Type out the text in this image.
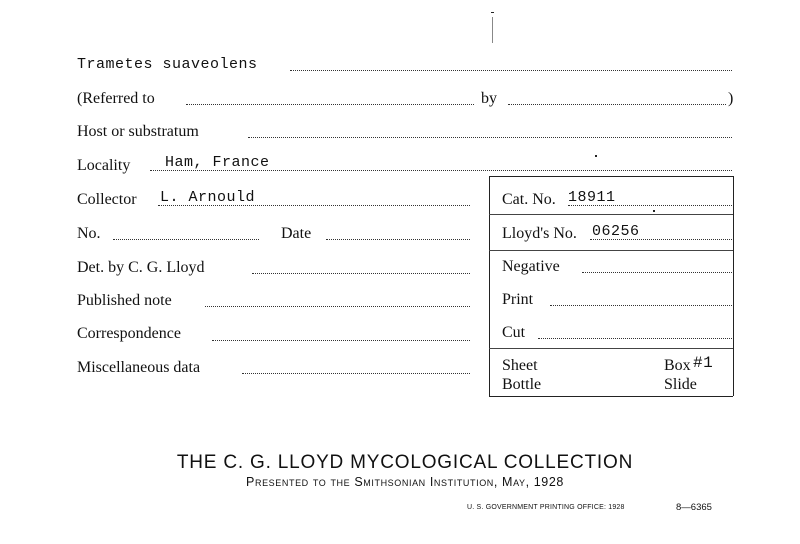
Trametes suaveolens
(Referred to	by	)
Host or substratum
Locality Ham, France
Collector L. Arnould
No.	Date
Det. by C. G. Lloyd
Published note
Correspondence
Miscellaneous data
Cat. No. 18911
Lloyd's No. 06256
Negative
Print
Cut
Sheet	Box #1
Bottle	Slide
THE C. G. LLOYD MYCOLOGICAL COLLECTION
Presented to the Smithsonian Institution, May, 1928
U. S. GOVERNMENT PRINTING OFFICE: 1928	8—6365
